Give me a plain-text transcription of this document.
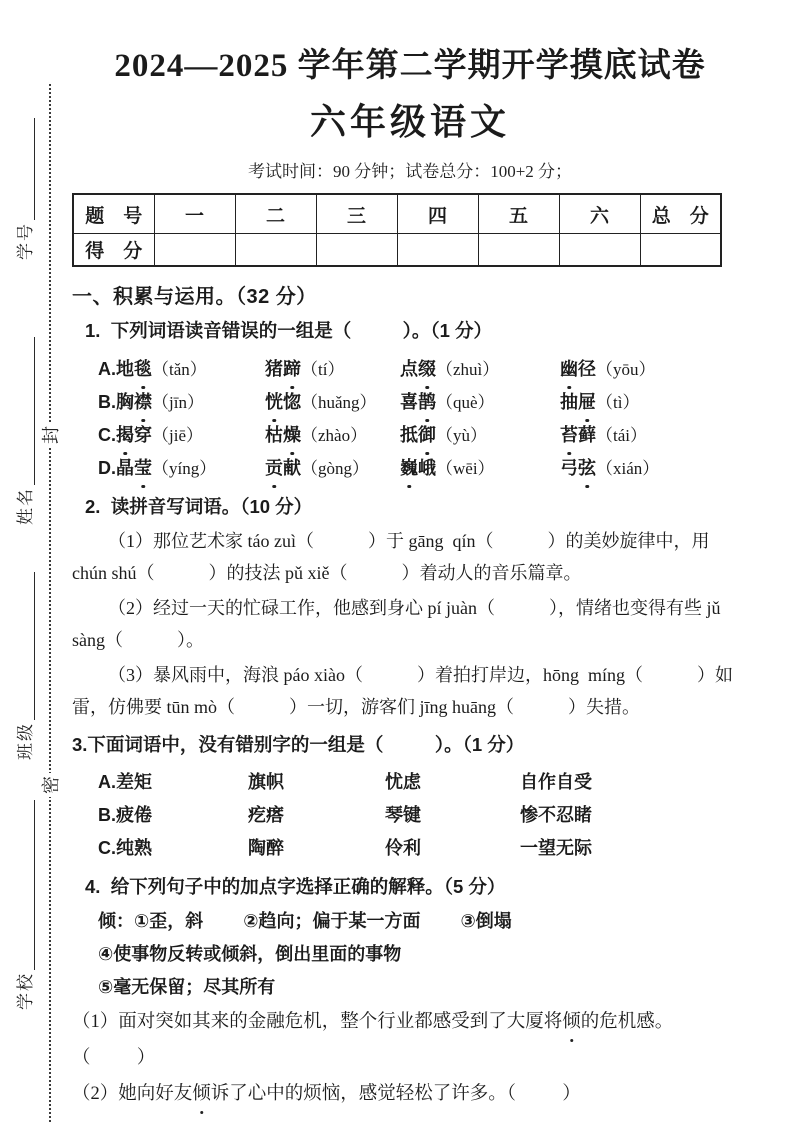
封
密
学号
姓名
班级
学校
2024—2025 学年第二学期开学摸底试卷
六年级语文
考试时间：90 分钟；试卷总分：100+2 分；
题　号	一	二	三	四	五	六	总　分
得　分							
一、积累与运用。（32 分）
1.  下列词语读音错误的一组是（          ）。（1 分）
A.地毯（tǎn）	猪蹄（tí）	点缀（zhuì）	幽径（yōu）
B.胸襟（jīn）	恍惚（huǎng）	喜鹊（què）	抽屉（tì）
C.揭穿（jiē）	枯燥（zhào）	抵御（yù）	苔藓（tái）
D.晶莹（yíng）	贡献（gòng）	巍峨（wēi）	弓弦（xián）
2.  读拼音写词语。（10 分）

（1）那位艺术家 táo zuì（            ）于 gāng  qín（            ）的美妙旋律中，用 chún shú（            ）的技法 pǔ xiě（            ）着动人的音乐篇章。

（2）经过一天的忙碌工作，他感到身心 pí juàn（            ），情绪也变得有些 jǔ sàng（            ）。

（3）暴风雨中，海浪 páo xiào（            ）着拍打岸边，hōng  míng（            ）如雷，仿佛要 tūn mò（            ）一切，游客们 jīng huāng（            ）失措。

3.下面词语中，没有错别字的一组是（          ）。（1 分）
A.差矩	旗帜	忧虑	自作自受
B.疲倦	疙瘩	琴键	惨不忍睹
C.纯熟	陶醉	伶利	一望无际
4.  给下列句子中的加点字选择正确的解释。（5 分）
倾：①歪，斜        ②趋向；偏于某一方面        ③倒塌
④使事物反转或倾斜，倒出里面的事物
⑤毫无保留；尽其所有
（1）面对突如其来的金融危机，整个行业都感受到了大厦将倾的危机感。
（          ）
（2）她向好友倾诉了心中的烦恼，感觉轻松了许多。（          ）
